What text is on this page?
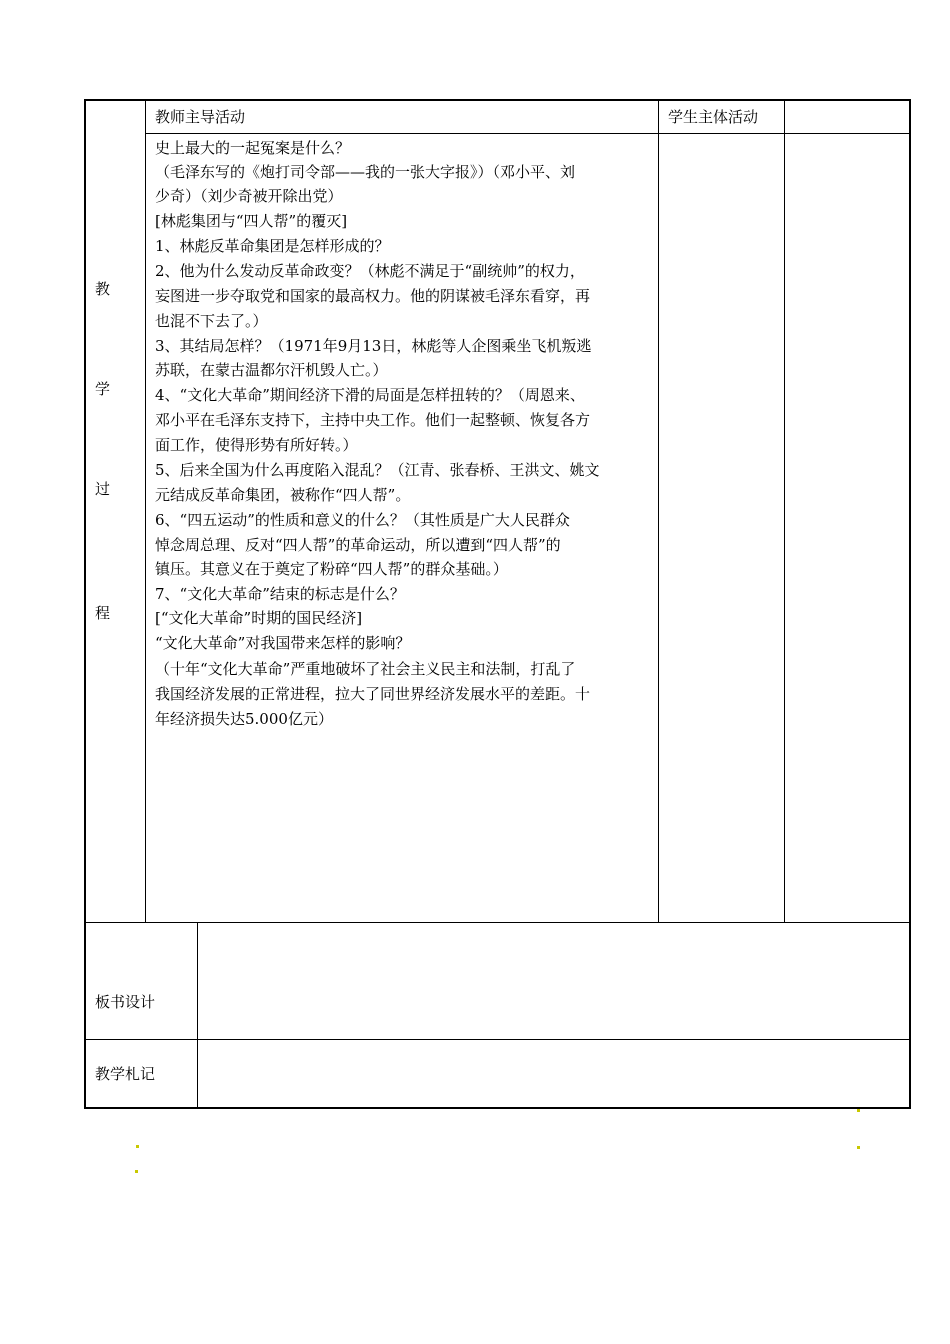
教师主导活动	学生主体活动
教
学
过
程
史上最大的一起冤案是什么？
（毛泽东写的《炮打司令部——我的一张大字报》）（邓小平、刘
少奇）（刘少奇被开除出党）
[林彪集团与“四人帮”的覆灭]
1、林彪反革命集团是怎样形成的？
2、他为什么发动反革命政变？（林彪不满足于“副统帅”的权力，
妄图进一步夺取党和国家的最高权力。他的阴谋被毛泽东看穿，再
也混不下去了。）
3、其结局怎样？（1971年9月13日，林彪等人企图乘坐飞机叛逃
苏联，在蒙古温都尔汗机毁人亡。）
4、“文化大革命”期间经济下滑的局面是怎样扭转的？（周恩来、
邓小平在毛泽东支持下，主持中央工作。他们一起整顿、恢复各方
面工作，使得形势有所好转。）
5、后来全国为什么再度陷入混乱？（江青、张春桥、王洪文、姚文
元结成反革命集团，被称作“四人帮”。
6、“四五运动”的性质和意义的什么？（其性质是广大人民群众
悼念周总理、反对“四人帮”的革命运动，所以遭到“四人帮”的
镇压。其意义在于奠定了粉碎“四人帮”的群众基础。）
7、“文化大革命”结束的标志是什么？
[“文化大革命”时期的国民经济]
“文化大革命”对我国带来怎样的影响？
（十年“文化大革命”严重地破坏了社会主义民主和法制，打乱了
我国经济发展的正常进程，拉大了同世界经济发展水平的差距。十
年经济损失达5.000亿元）
板书设计
教学札记
